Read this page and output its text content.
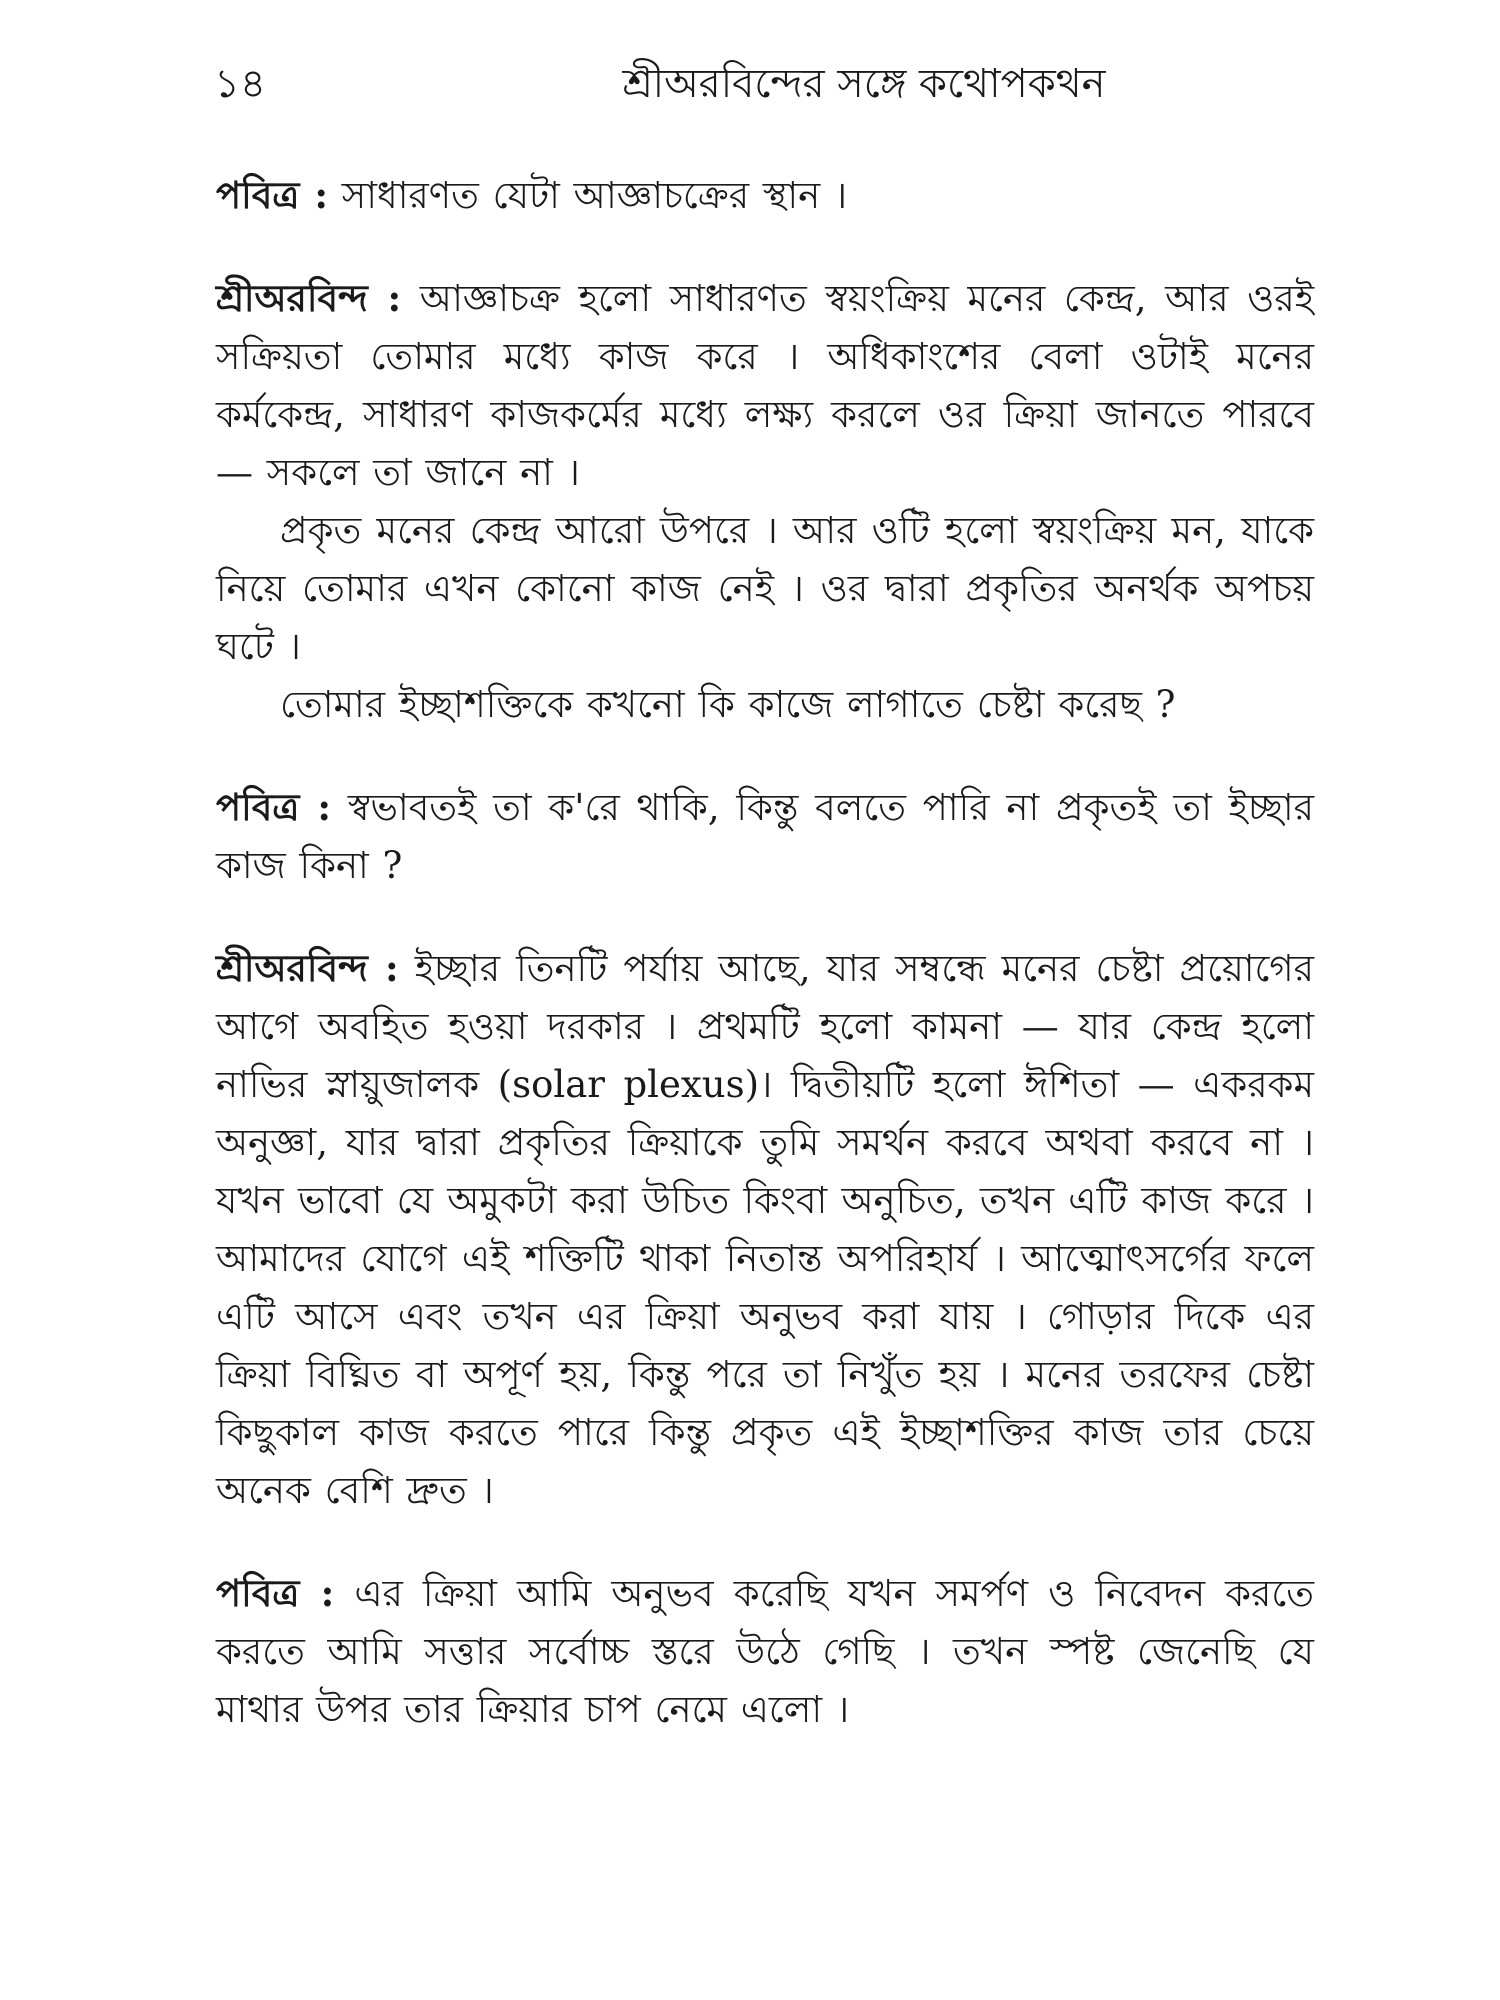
১৪	শ্রীঅরবিন্দের সঙ্গে কথোপকথন

পবিত্র : সাধারণত যেটা আজ্ঞাচক্রের স্থান ।

শ্রীঅরবিন্দ : আজ্ঞাচক্র হলো সাধারণত স্বয়ংক্রিয় মনের কেন্দ্র, আর ওরই সক্রিয়তা তোমার মধ্যে কাজ করে । অধিকাংশের বেলা ওটাই মনের কর্মকেন্দ্র, সাধারণ কাজকর্মের মধ্যে লক্ষ্য করলে ওর ক্রিয়া জানতে পারবে — সকলে তা জানে না ।

প্রকৃত মনের কেন্দ্র আরো উপরে । আর ওটি হলো স্বয়ংক্রিয় মন, যাকে নিয়ে তোমার এখন কোনো কাজ নেই । ওর দ্বারা প্রকৃতির অনর্থক অপচয় ঘটে ।

তোমার ইচ্ছাশক্তিকে কখনো কি কাজে লাগাতে চেষ্টা করেছ ?

পবিত্র : স্বভাবতই তা ক'রে থাকি, কিন্তু বলতে পারি না প্রকৃতই তা ইচ্ছার কাজ কিনা ?

শ্রীঅরবিন্দ : ইচ্ছার তিনটি পর্যায় আছে, যার সম্বন্ধে মনের চেষ্টা প্রয়োগের আগে অবহিত হওয়া দরকার । প্রথমটি হলো কামনা — যার কেন্দ্র হলো নাভির স্নায়ুজালক (solar plexus)। দ্বিতীয়টি হলো ঈশিতা — একরকম অনুজ্ঞা, যার দ্বারা প্রকৃতির ক্রিয়াকে তুমি সমর্থন করবে অথবা করবে না । যখন ভাবো যে অমুকটা করা উচিত কিংবা অনুচিত, তখন এটি কাজ করে । আমাদের যোগে এই শক্তিটি থাকা নিতান্ত অপরিহার্য । আত্মোৎসর্গের ফলে এটি আসে এবং তখন এর ক্রিয়া অনুভব করা যায় । গোড়ার দিকে এর ক্রিয়া বিঘ্নিত বা অপূর্ণ হয়, কিন্তু পরে তা নিখুঁত হয় । মনের তরফের চেষ্টা কিছুকাল কাজ করতে পারে কিন্তু প্রকৃত এই ইচ্ছাশক্তির কাজ তার চেয়ে অনেক বেশি দ্রুত ।

পবিত্র : এর ক্রিয়া আমি অনুভব করেছি যখন সমর্পণ ও নিবেদন করতে করতে আমি সত্তার সর্বোচ্চ স্তরে উঠে গেছি । তখন স্পষ্ট জেনেছি যে মাথার উপর তার ক্রিয়ার চাপ নেমে এলো ।
